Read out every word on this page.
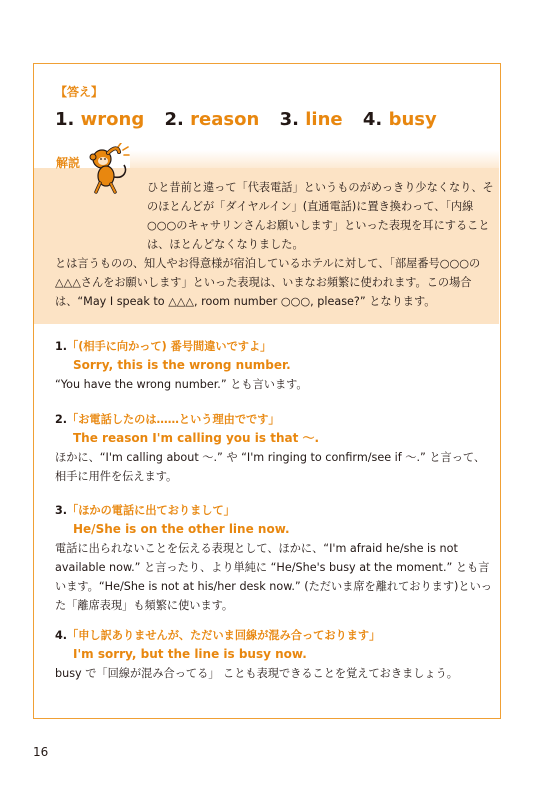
【答え】

1. wrong 2. reason 3. line 4. busy

解説

ひと昔前と違って「代表電話」というものがめっきり少なくなり、そのほとんどが「ダイヤルイン」(直通電話)に置き換わって、「内線○○○のキャサリンさんお願いします」といった表現を耳にすることは、ほとんどなくなりました。

とは言うものの、知人やお得意様が宿泊しているホテルに対して、「部屋番号○○○の△△△さんをお願いします」といった表現は、いまなお頻繁に使われます。この場合は、“May I speak to △△△, room number ○○○, please?” となります。

1.「(相手に向かって) 番号間違いですよ」

Sorry, this is the wrong number.

“You have the wrong number.” とも言います。

2.「お電話したのは……という理由でです」

The reason I'm calling you is that ～.

ほかに、“I'm calling about ～.” や “I'm ringing to confirm/see if ～.” と言って、相手に用件を伝えます。

3.「ほかの電話に出ておりまして」

He/She is on the other line now.

電話に出られないことを伝える表現として、ほかに、“I'm afraid he/she is not available now.” と言ったり、より単純に “He/She's busy at the moment.” とも言います。“He/She is not at his/her desk now.” (ただいま席を離れております)といった「離席表現」も頻繁に使います。

4.「申し訳ありませんが、ただいま回線が混み合っております」

I'm sorry, but the line is busy now.

busy で「回線が混み合ってる」 ことも表現できることを覚えておきましょう。

16
